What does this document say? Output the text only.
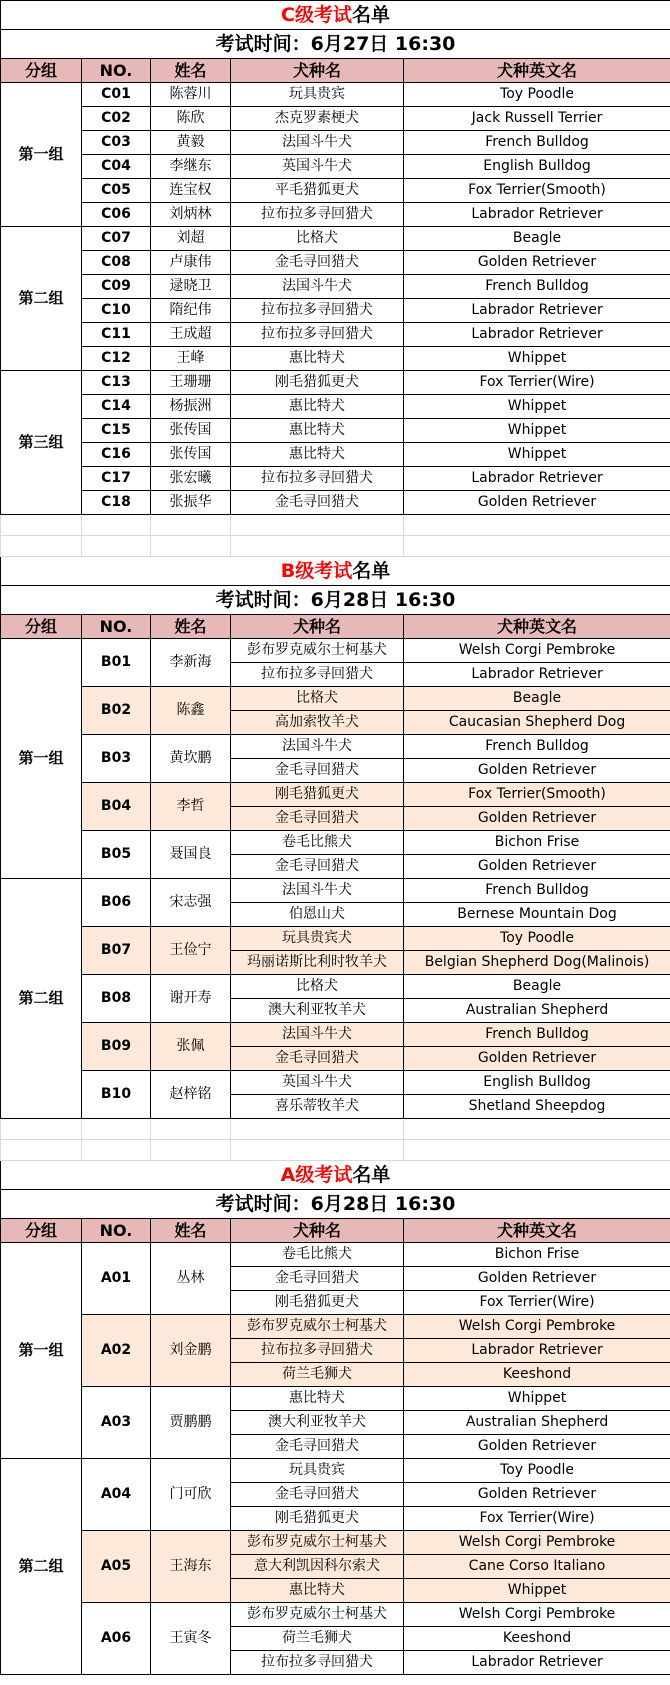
C级考试名单				
考试时间：6月27日 16:30				
分组	NO.	姓名	犬种名	犬种英文名
第一组	C01	陈蓉川	玩具贵宾	Toy Poodle
	C02	陈欣	杰克罗素梗犬	Jack Russell Terrier
	C03	黄毅	法国斗牛犬	French Bulldog
	C04	李继东	英国斗牛犬	English Bulldog
	C05	连宝权	平毛猎狐更犬	Fox Terrier(Smooth)
	C06	刘炳林	拉布拉多寻回猎犬	Labrador Retriever
第二组	C07	刘超	比格犬	Beagle
	C08	卢康伟	金毛寻回猎犬	Golden Retriever
	C09	逯晓卫	法国斗牛犬	French Bulldog
	C10	隋纪伟	拉布拉多寻回猎犬	Labrador Retriever
	C11	王成超	拉布拉多寻回猎犬	Labrador Retriever
	C12	王峰	惠比特犬	Whippet
第三组	C13	王珊珊	刚毛猎狐更犬	Fox Terrier(Wire)
	C14	杨振洲	惠比特犬	Whippet
	C15	张传国	惠比特犬	Whippet
	C16	张传国	惠比特犬	Whippet
	C17	张宏曦	拉布拉多寻回猎犬	Labrador Retriever
	C18	张振华	金毛寻回猎犬	Golden Retriever

B级考试名单				
考试时间：6月28日 16:30				
分组	NO.	姓名	犬种名	犬种英文名
第一组	B01	李新海	彭布罗克威尔士柯基犬	Welsh Corgi Pembroke
			拉布拉多寻回猎犬	Labrador Retriever
	B02	陈鑫	比格犬	Beagle
			高加索牧羊犬	Caucasian Shepherd Dog
	B03	黄坎鹏	法国斗牛犬	French Bulldog
			金毛寻回猎犬	Golden Retriever
	B04	李哲	刚毛猎狐更犬	Fox Terrier(Smooth)
			金毛寻回猎犬	Golden Retriever
	B05	聂国良	卷毛比熊犬	Bichon Frise
			金毛寻回猎犬	Golden Retriever
第二组	B06	宋志强	法国斗牛犬	French Bulldog
			伯恩山犬	Bernese Mountain Dog
	B07	王俭宁	玩具贵宾犬	Toy Poodle
			玛丽诺斯比利时牧羊犬	Belgian Shepherd Dog(Malinois)
	B08	谢开寿	比格犬	Beagle
			澳大利亚牧羊犬	Australian Shepherd
	B09	张佩	法国斗牛犬	French Bulldog
			金毛寻回猎犬	Golden Retriever
	B10	赵梓铭	英国斗牛犬	English Bulldog
			喜乐蒂牧羊犬	Shetland Sheepdog

A级考试名单				
考试时间：6月28日 16:30				
分组	NO.	姓名	犬种名	犬种英文名
第一组	A01	丛林	卷毛比熊犬	Bichon Frise
			金毛寻回猎犬	Golden Retriever
			刚毛猎狐更犬	Fox Terrier(Wire)
	A02	刘金鹏	彭布罗克威尔士柯基犬	Welsh Corgi Pembroke
			拉布拉多寻回猎犬	Labrador Retriever
			荷兰毛狮犬	Keeshond
	A03	贾鹏鹏	惠比特犬	Whippet
			澳大利亚牧羊犬	Australian Shepherd
			金毛寻回猎犬	Golden Retriever
第二组	A04	门可欣	玩具贵宾	Toy Poodle
			金毛寻回猎犬	Golden Retriever
			刚毛猎狐更犬	Fox Terrier(Wire)
	A05	王海东	彭布罗克威尔士柯基犬	Welsh Corgi Pembroke
			意大利凯因科尔索犬	Cane Corso Italiano
			惠比特犬	Whippet
	A06	王寅冬	彭布罗克威尔士柯基犬	Welsh Corgi Pembroke
			荷兰毛狮犬	Keeshond
			拉布拉多寻回猎犬	Labrador Retriever
